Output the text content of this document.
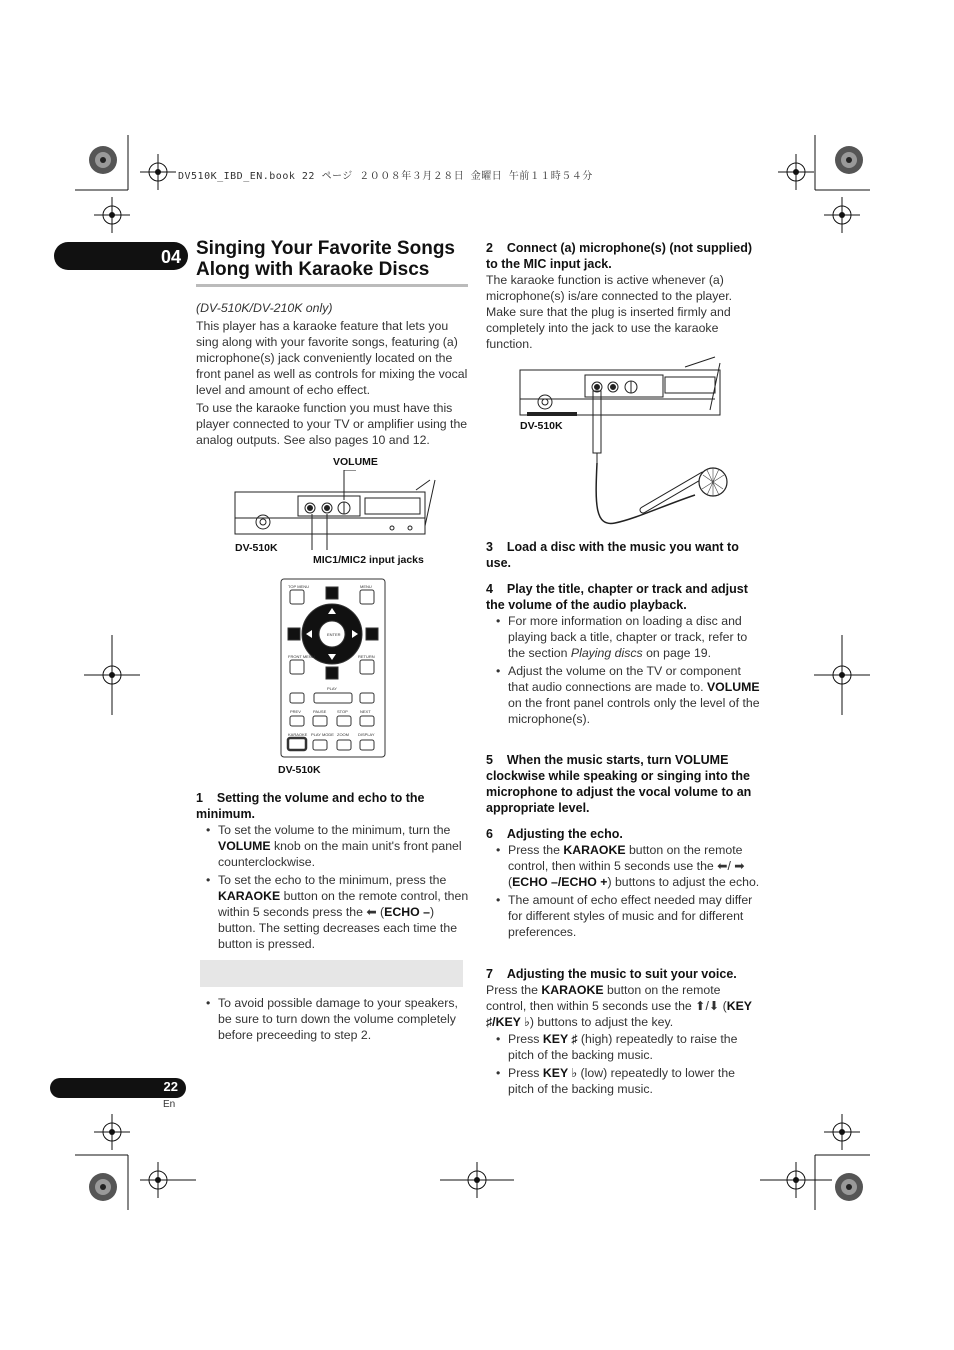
DV510K_IBD_EN.book 22 ページ ２００８年３月２８日 金曜日 午前１１時５４分
04 Singing Your Favorite Songs Along with Karaoke Discs
(DV-510K/DV-210K only)
This player has a karaoke feature that lets you sing along with your favorite songs, featuring (a) microphone(s) jack conveniently located on the front panel as well as controls for mixing the vocal level and amount of echo effect.
To use the karaoke function you must have this player connected to your TV or amplifier using the analog outputs. See also pages 10 and 12.
VOLUME
DV-510K
MIC1/MIC2 input jacks
TOP MENU	MENU
ENTER
FRONT MENU	RETURN
PLAY
PREV	PAUSE	STOP	NEXT
KARAOKE PLAY MODE ZOOM DISPLAY
DV-510K
1 Setting the volume and echo to the minimum.
• To set the volume to the minimum, turn the VOLUME knob on the main unit's front panel counterclockwise.
• To set the echo to the minimum, press the KARAOKE button on the remote control, then within 5 seconds press the ⬅ (ECHO –) button. The setting decreases each time the button is pressed.
• To avoid possible damage to your speakers, be sure to turn down the volume completely before preceeding to step 2.
2 Connect (a) microphone(s) (not supplied) to the MIC input jack.
The karaoke function is active whenever (a) microphone(s) is/are connected to the player. Make sure that the plug is inserted firmly and completely into the jack to use the karaoke function.
DV-510K
3 Load a disc with the music you want to use.
4 Play the title, chapter or track and adjust the volume of the audio playback.
• For more information on loading a disc and playing back a title, chapter or track, refer to the section Playing discs on page 19.
• Adjust the volume on the TV or component that audio connections are made to. VOLUME on the front panel controls only the level of the microphone(s).
5 When the music starts, turn VOLUME clockwise while speaking or singing into the microphone to adjust the vocal volume to an appropriate level.
6 Adjusting the echo.
• Press the KARAOKE button on the remote control, then within 5 seconds use the ⬅/ ➡ (ECHO –/ECHO +) buttons to adjust the echo.
• The amount of echo effect needed may differ for different styles of music and for different preferences.
7 Adjusting the music to suit your voice.
Press the KARAOKE button on the remote control, then within 5 seconds use the ⬆/⬇ (KEY ♯/KEY ♭) buttons to adjust the key.
• Press KEY ♯ (high) repeatedly to raise the pitch of the backing music.
• Press KEY ♭ (low) repeatedly to lower the pitch of the backing music.
22
En
